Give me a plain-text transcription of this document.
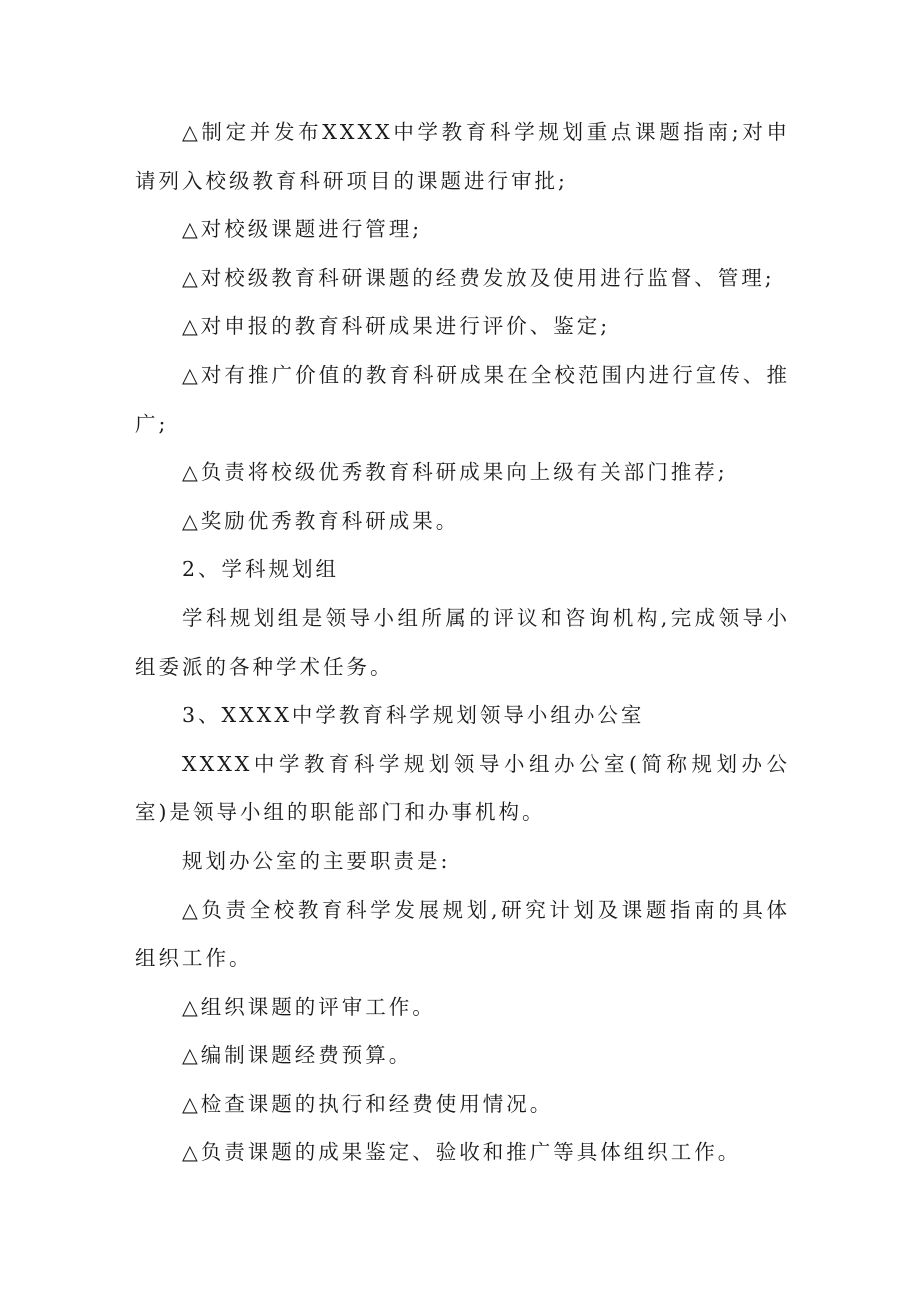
△制定并发布XXXX中学教育科学规划重点课题指南;对申请列入校级教育科研项目的课题进行审批;

△对校级课题进行管理;

△对校级教育科研课题的经费发放及使用进行监督、管理;

△对申报的教育科研成果进行评价、鉴定;

△对有推广价值的教育科研成果在全校范围内进行宣传、推广;

△负责将校级优秀教育科研成果向上级有关部门推荐;

△奖励优秀教育科研成果。

2、学科规划组

学科规划组是领导小组所属的评议和咨询机构,完成领导小组委派的各种学术任务。

3、XXXX中学教育科学规划领导小组办公室

XXXX中学教育科学规划领导小组办公室(简称规划办公室)是领导小组的职能部门和办事机构。

规划办公室的主要职责是:

△负责全校教育科学发展规划,研究计划及课题指南的具体组织工作。

△组织课题的评审工作。

△编制课题经费预算。

△检查课题的执行和经费使用情况。

△负责课题的成果鉴定、验收和推广等具体组织工作。
